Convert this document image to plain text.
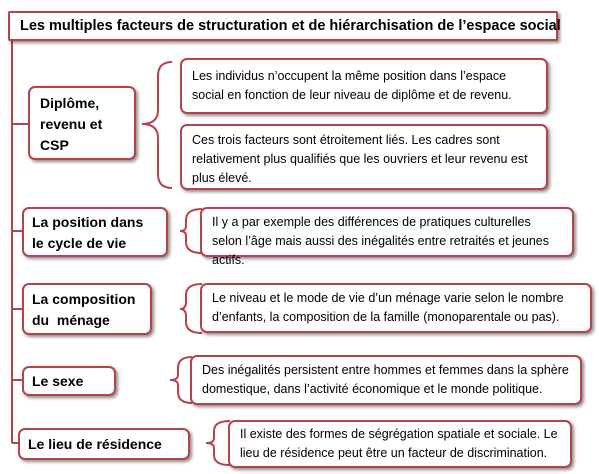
Les multiples facteurs de structuration et de hiérarchisation de l’espace social
Diplôme,
revenu et
CSP
Les individus n’occupent la même position dans l’espace social en fonction de leur niveau de diplôme et de revenu.
Ces trois facteurs sont étroitement liés. Les cadres sont relativement plus qualifiés que les ouvriers et leur revenu est plus élevé.
La position dans
le cycle de vie
Il y a par exemple des différences de pratiques culturelles selon l’âge mais aussi des inégalités entre retraités et jeunes actifs.
La composition
du  ménage
Le niveau et le mode de vie d’un ménage varie selon le nombre d’enfants, la composition de la famille (monoparentale ou pas).
Le sexe
Des inégalités persistent entre hommes et femmes dans la sphère domestique, dans l’activité économique et le monde politique.
Le lieu de résidence
Il existe des formes de ségrégation spatiale et sociale. Le lieu de résidence peut être un facteur de discrimination.
